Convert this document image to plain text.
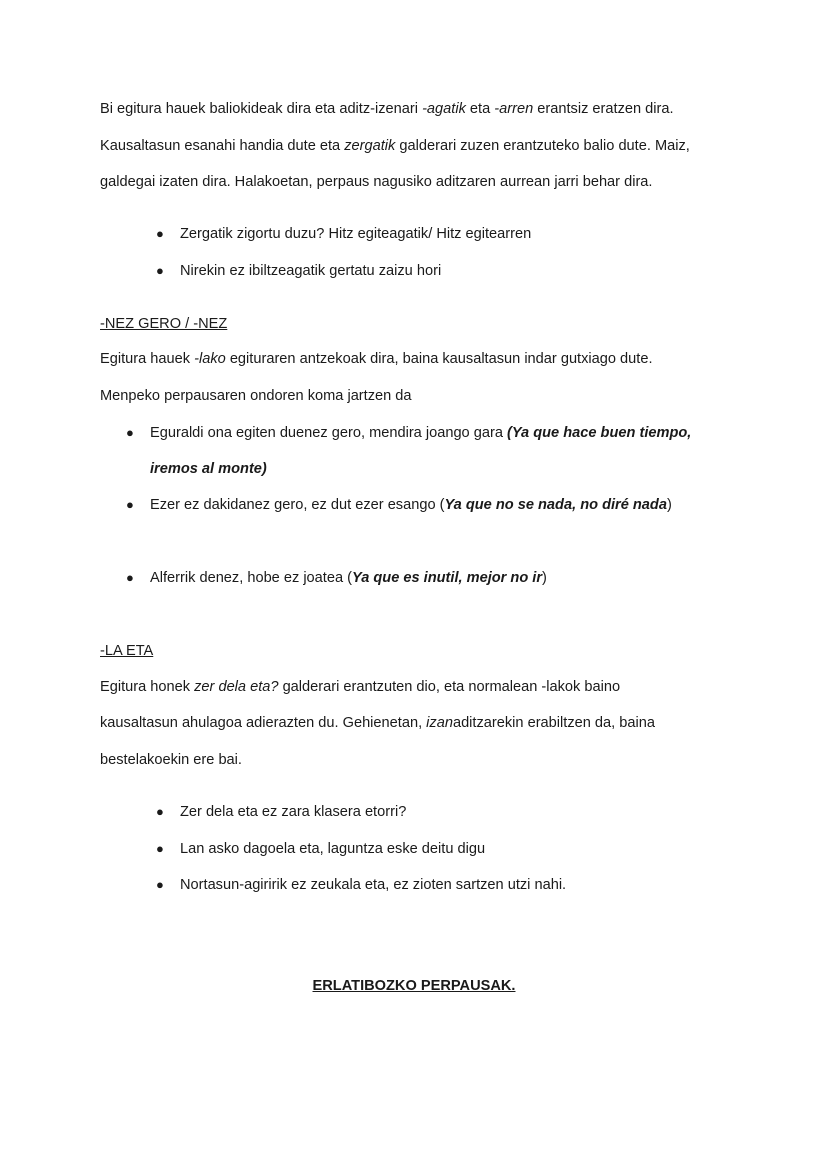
Bi egitura hauek baliokideak dira eta aditz-izenari -agatik eta -arren erantsiz eratzen dira.
Kausaltasun esanahi handia dute eta zergatik galderari zuzen erantzuteko balio dute. Maiz,
galdegai izaten dira. Halakoetan, perpaus nagusiko aditzaren aurrean jarri behar dira.
● Zergatik zigortu duzu? Hitz egiteagatik/ Hitz egitearren
● Nirekin ez ibiltzeagatik gertatu zaizu hori
-NEZ GERO / -NEZ
Egitura hauek -lako egituraren antzekoak dira, baina kausaltasun indar gutxiago dute.
Menpeko perpausaren ondoren koma jartzen da
● Eguraldi ona egiten duenez gero, mendira joango gara (Ya que hace buen tiempo,
iremos al monte)
● Ezer ez dakidanez gero, ez dut ezer esango (Ya que no se nada, no diré nada)
● Alferrik denez, hobe ez joatea (Ya que es inutil, mejor no ir)
-LA ETA
Egitura honek zer dela eta? galderari erantzuten dio, eta normalean -lakok baino
kausaltasun ahulagoa adierazten du. Gehienetan, izanaditzarekin erabiltzen da, baina
bestelakoekin ere bai.
● Zer dela eta ez zara klasera etorri?
● Lan asko dagoela eta, laguntza eske deitu digu
● Nortasun-agiririk ez zeukala eta, ez zioten sartzen utzi nahi.
ERLATIBOZKO PERPAUSAK.
